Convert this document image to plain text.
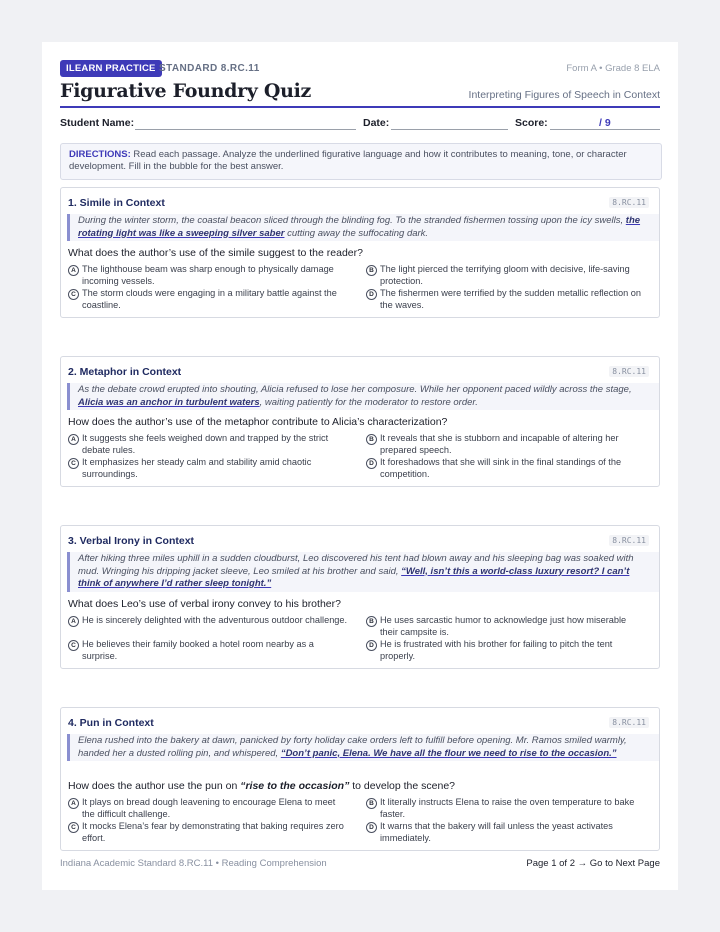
ILEARN PRACTICE STANDARD 8.RC.11	Form A • Grade 8 ELA
Figurative Foundry Quiz	Interpreting Figures of Speech in Context
Student Name:	Date:	Score:	/ 9
DIRECTIONS: Read each passage. Analyze the underlined figurative language and how it contributes to meaning, tone, or character development. Fill in the bubble for the best answer.
1. Simile in Context	8.RC.11
During the winter storm, the coastal beacon sliced through the blinding fog. To the stranded fishermen tossing upon the icy swells, the rotating light was like a sweeping silver saber cutting away the suffocating dark.
What does the author’s use of the simile suggest to the reader?
A The lighthouse beam was sharp enough to physically damage incoming vessels.
B The light pierced the terrifying gloom with decisive, life-saving protection.
C The storm clouds were engaging in a military battle against the coastline.
D The fishermen were terrified by the sudden metallic reflection on the waves.
2. Metaphor in Context	8.RC.11
As the debate crowd erupted into shouting, Alicia refused to lose her composure. While her opponent paced wildly across the stage, Alicia was an anchor in turbulent waters, waiting patiently for the moderator to restore order.
How does the author’s use of the metaphor contribute to Alicia’s characterization?
A It suggests she feels weighed down and trapped by the strict debate rules.
B It reveals that she is stubborn and incapable of altering her prepared speech.
C It emphasizes her steady calm and stability amid chaotic surroundings.
D It foreshadows that she will sink in the final standings of the competition.
3. Verbal Irony in Context	8.RC.11
After hiking three miles uphill in a sudden cloudburst, Leo discovered his tent had blown away and his sleeping bag was soaked with mud. Wringing his dripping jacket sleeve, Leo smiled at his brother and said, “Well, isn’t this a world-class luxury resort? I can’t think of anywhere I’d rather sleep tonight.”
What does Leo’s use of verbal irony convey to his brother?
A He is sincerely delighted with the adventurous outdoor challenge.	B He uses sarcastic humor to acknowledge just how miserable their campsite is.
C He believes their family booked a hotel room nearby as a surprise.
D He is frustrated with his brother for failing to pitch the tent properly.
4. Pun in Context	8.RC.11
Elena rushed into the bakery at dawn, panicked by forty holiday cake orders left to fulfill before opening. Mr. Ramos smiled warmly, handed her a dusted rolling pin, and whispered, “Don’t panic, Elena. We have all the flour we need to rise to the occasion.”
How does the author use the pun on “rise to the occasion” to develop the scene?
A It plays on bread dough leavening to encourage Elena to meet the difficult challenge.
B It literally instructs Elena to raise the oven temperature to bake faster.
C It mocks Elena’s fear by demonstrating that baking requires zero effort.
D It warns that the bakery will fail unless the yeast activates immediately.
Indiana Academic Standard 8.RC.11 • Reading Comprehension	Page 1 of 2 → Go to Next Page
